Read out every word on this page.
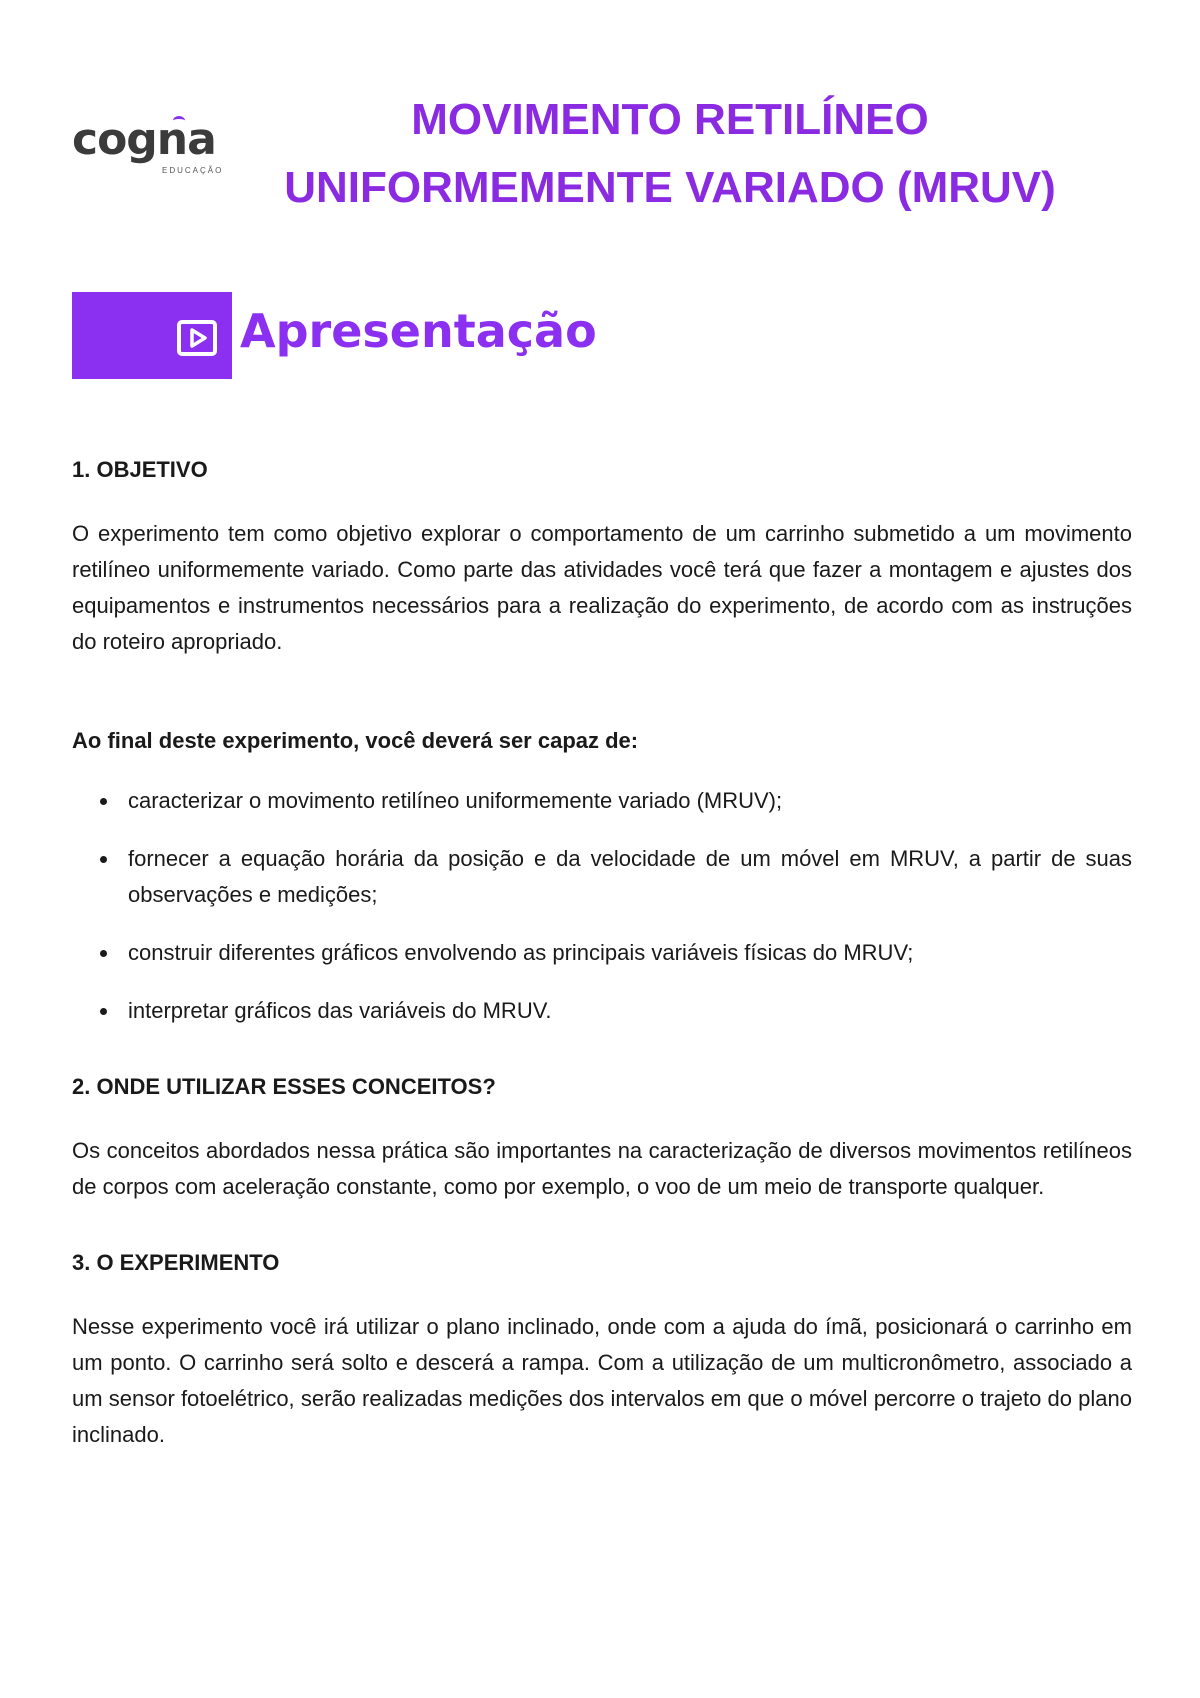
cogna
EDUCAÇÃO
MOVIMENTO RETILÍNEO
UNIFORMEMENTE VARIADO (MRUV)
Apresentação

1. OBJETIVO

O experimento tem como objetivo explorar o comportamento de um carrinho submetido a um movimento retilíneo uniformemente variado. Como parte das atividades você terá que fazer a montagem e ajustes dos equipamentos e instrumentos necessários para a realização do experimento, de acordo com as instruções do roteiro apropriado.

Ao final deste experimento, você deverá ser capaz de:

caracterizar o movimento retilíneo uniformemente variado (MRUV);
fornecer a equação horária da posição e da velocidade de um móvel em MRUV, a partir de suas observações e medições;
construir diferentes gráficos envolvendo as principais variáveis físicas do MRUV;
interpretar gráficos das variáveis do MRUV.

2. ONDE UTILIZAR ESSES CONCEITOS?

Os conceitos abordados nessa prática são importantes na caracterização de diversos movimentos retilíneos de corpos com aceleração constante, como por exemplo, o voo de um meio de transporte qualquer.

3. O EXPERIMENTO

Nesse experimento você irá utilizar o plano inclinado, onde com a ajuda do ímã, posicionará o carrinho em um ponto. O carrinho será solto e descerá a rampa. Com a utilização de um multicronômetro, associado a um sensor fotoelétrico, serão realizadas medições dos intervalos em que o móvel percorre o trajeto do plano inclinado.
